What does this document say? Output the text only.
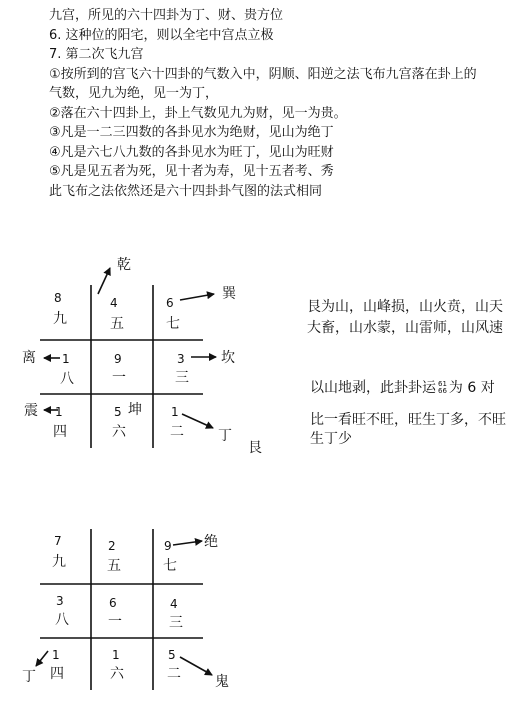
九宫，所见的六十四卦为丁、财、贵方位
6. 这种位的阳宅，则以全宅中宫点立极
7. 第二次飞九宫
①按所到的宫飞六十四卦的气数入中，阴顺、阳逆之法飞布九宫落在卦上的
气数，见九为绝，见一为丁，
②落在六十四卦上，卦上气数见九为财，见一为贵。
③凡是一二三四数的各卦见水为绝财，见山为绝丁
④凡是六七八九数的各卦见水为旺丁，见山为旺财
⑤凡是见五者为死，见十者为寿，见十五者考、秀
此飞布之法依然还是六十四卦卦气图的法式相同
乾
巽
离	坎
震
丁
艮
8
九
4
五
6
七
1
八
9
一
3
三
1
四
5 坤
六
1
二
艮为山，山峰损，山火贲，山天
大畜，山水蒙，山雷师，山风速
以山地剥，此卦卦运 61
66 为 6 对
比一看旺不旺，旺生丁多，不旺
生丁少
绝
丁	鬼
7
九
2
五
9
七
3
八
6
一
4
三
1
四
1
六
5
二
